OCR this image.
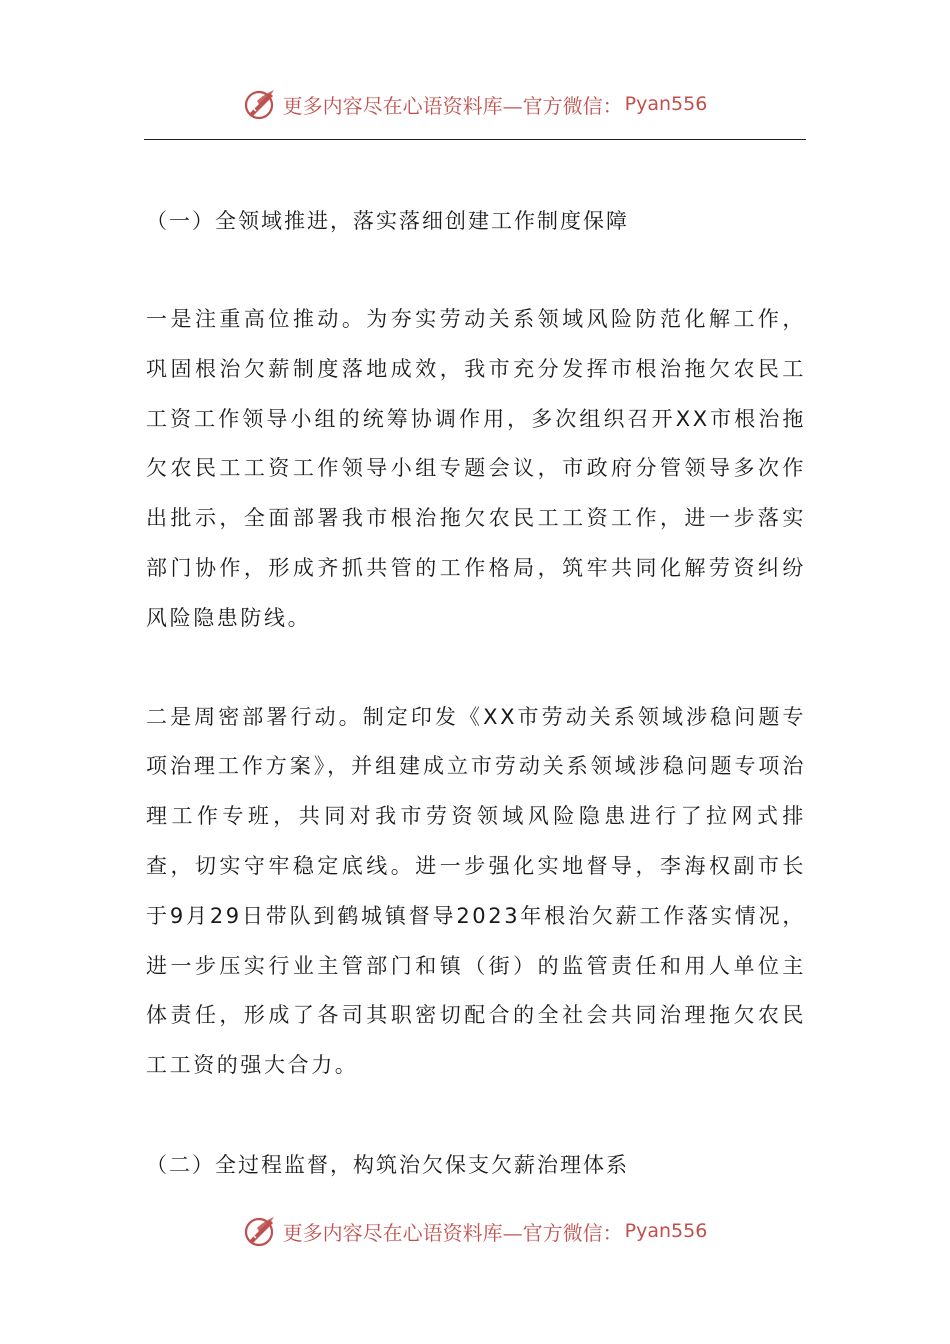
更多内容尽在心语资料库—官方微信： Pyan556
（一）全领域推进，落实落细创建工作制度保障

一是注重高位推动。为夯实劳动关系领域风险防范化解工作，巩固根治欠薪制度落地成效，我市充分发挥市根治拖欠农民工工资工作领导小组的统筹协调作用，多次组织召开XX市根治拖欠农民工工资工作领导小组专题会议，市政府分管领导多次作出批示，全面部署我市根治拖欠农民工工资工作，进一步落实部门协作，形成齐抓共管的工作格局，筑牢共同化解劳资纠纷风险隐患防线。

二是周密部署行动。制定印发《XX市劳动关系领域涉稳问题专项治理工作方案》，并组建成立市劳动关系领域涉稳问题专项治理工作专班，共同对我市劳资领域风险隐患进行了拉网式排查，切实守牢稳定底线。进一步强化实地督导，李海权副市长于9月29日带队到鹤城镇督导2023年根治欠薪工作落实情况，进一步压实行业主管部门和镇（街）的监管责任和用人单位主体责任，形成了各司其职密切配合的全社会共同治理拖欠农民工工资的强大合力。

（二）全过程监督，构筑治欠保支欠薪治理体系
更多内容尽在心语资料库—官方微信： Pyan556
